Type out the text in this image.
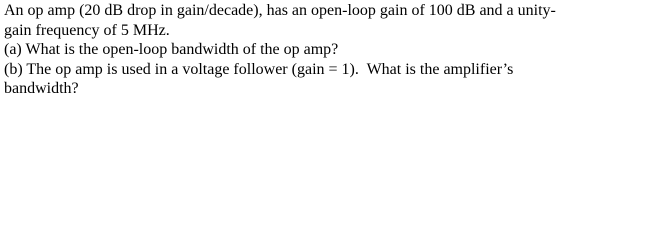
An op amp (20 dB drop in gain/decade), has an open-loop gain of 100 dB and a unity-
gain frequency of 5 MHz.
(a) What is the open-loop bandwidth of the op amp?
(b) The op amp is used in a voltage follower (gain = 1).  What is the amplifier’s
bandwidth?
